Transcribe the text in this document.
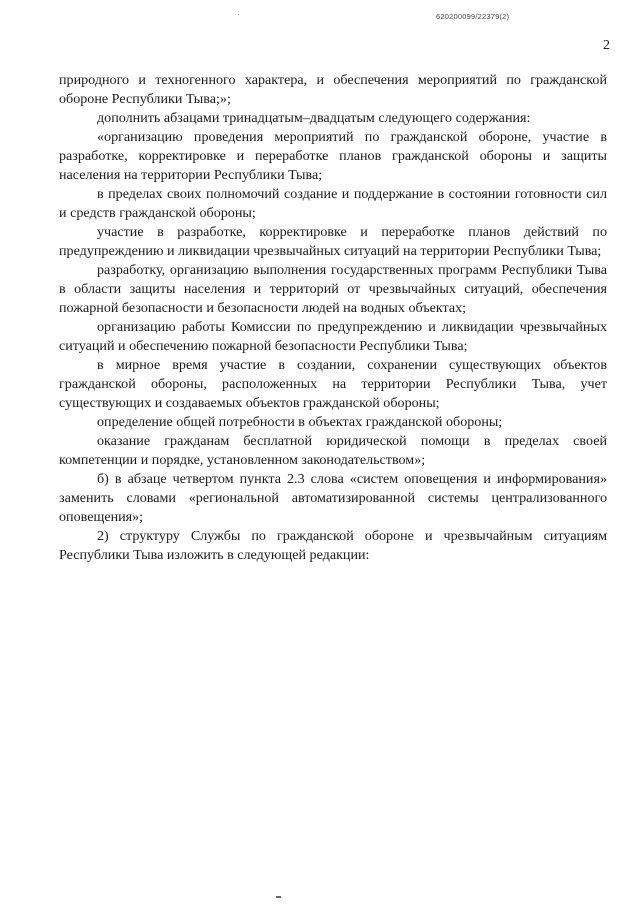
620200099/22379(2)
2

природного и техногенного характера, и обеспечения мероприятий по гражданской обороне Республики Тыва;»;

дополнить абзацами тринадцатым–двадцатым следующего содержания:

«организацию проведения мероприятий по гражданской обороне, участие в разработке, корректировке и переработке планов гражданской обороны и защиты населения на территории Республики Тыва;

в пределах своих полномочий создание и поддержание в состоянии готовности сил и средств гражданской обороны;

участие в разработке, корректировке и переработке планов действий по предупреждению и ликвидации чрезвычайных ситуаций на территории Республики Тыва;

разработку, организацию выполнения государственных программ Республики Тыва в области защиты населения и территорий от чрезвычайных ситуаций, обеспечения пожарной безопасности и безопасности людей на водных объектах;

организацию работы Комиссии по предупреждению и ликвидации чрезвычайных ситуаций и обеспечению пожарной безопасности Республики Тыва;

в мирное время участие в создании, сохранении существующих объектов гражданской обороны, расположенных на территории Республики Тыва, учет существующих и создаваемых объектов гражданской обороны;

определение общей потребности в объектах гражданской обороны;

оказание гражданам бесплатной юридической помощи в пределах своей компетенции и порядке, установленном законодательством»;

б) в абзаце четвертом пункта 2.3 слова «систем оповещения и информирования» заменить словами «региональной автоматизированной системы централизованного оповещения»;

2) структуру Службы по гражданской обороне и чрезвычайным ситуациям Республики Тыва изложить в следующей редакции:
